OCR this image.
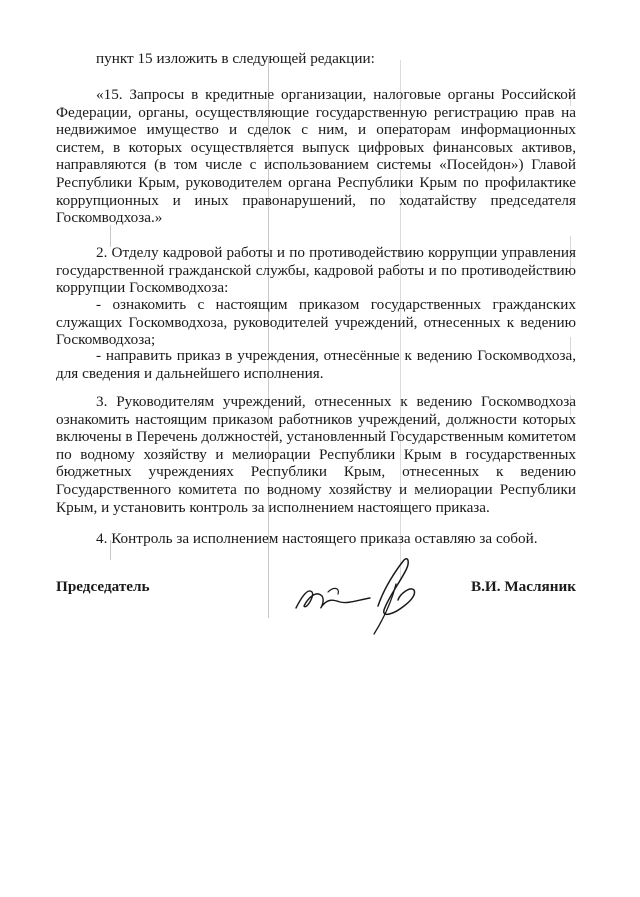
пункт 15 изложить в следующей редакции:

«15. Запросы в кредитные организации, налоговые органы Российской Федерации, органы, осуществляющие государственную регистрацию прав на недвижимое имущество и сделок с ним, и операторам информационных систем, в которых осуществляется выпуск цифровых финансовых активов, направляются (в том числе с использованием системы «Посейдон») Главой Республики Крым, руководителем органа Республики Крым по профилактике коррупционных и иных правонарушений, по ходатайству председателя Госкомводхоза.»

2. Отделу кадровой работы и по противодействию коррупции управления государственной гражданской службы, кадровой работы и по противодействию коррупции Госкомводхоза:

- ознакомить с настоящим приказом государственных гражданских служащих Госкомводхоза, руководителей учреждений, отнесенных к ведению Госкомводхоза;

- направить приказ в учреждения, отнесённые к ведению Госкомводхоза, для сведения и дальнейшего исполнения.

3. Руководителям учреждений, отнесенных к ведению Госкомводхоза ознакомить настоящим приказом работников учреждений, должности которых включены в Перечень должностей, установленный Государственным комитетом по водному хозяйству и мелиорации Республики Крым в государственных бюджетных учреждениях Республики Крым, отнесенных к ведению Государственного комитета по водному хозяйству и мелиорации Республики Крым, и установить контроль за исполнением настоящего приказа.

4. Контроль за исполнением настоящего приказа оставляю за собой.

Председатель	В.И. Масляник
